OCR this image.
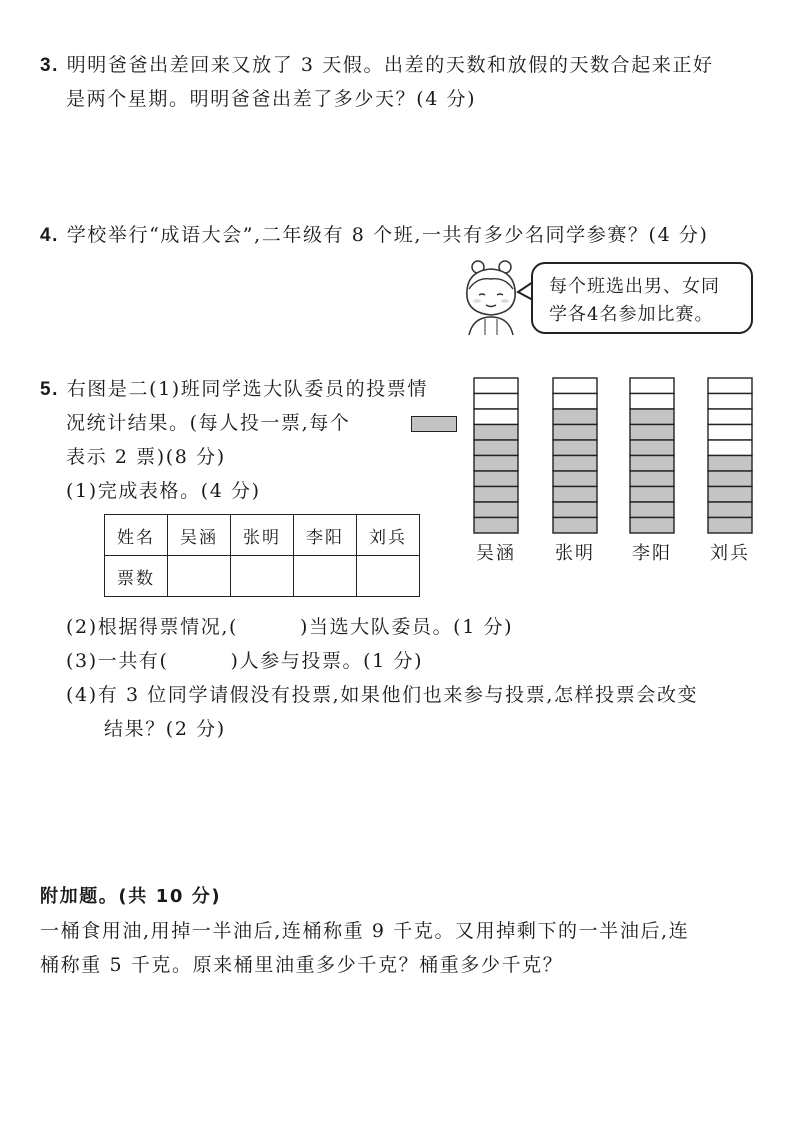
3. 明明爸爸出差回来又放了 3 天假。出差的天数和放假的天数合起来正好
是两个星期。明明爸爸出差了多少天？(4 分)
4. 学校举行“成语大会”,二年级有 8 个班,一共有多少名同学参赛？(4 分)
每个班选出男、女同
学各4名参加比赛。
5. 右图是二(1)班同学选大队委员的投票情
况统计结果。(每人投一票,每个
表示 2 票)(8 分)
(1)完成表格。(4 分)
吴涵 张明 李阳 刘兵
姓名	吴涵	张明	李阳	刘兵
票数				
(2)根据得票情况,(	)当选大队委员。(1 分)
(3)一共有(	)人参与投票。(1 分)
(4)有 3 位同学请假没有投票,如果他们也来参与投票,怎样投票会改变
结果？(2 分)
附加题。(共 10 分)
一桶食用油,用掉一半油后,连桶称重 9 千克。又用掉剩下的一半油后,连
桶称重 5 千克。原来桶里油重多少千克？桶重多少千克？
